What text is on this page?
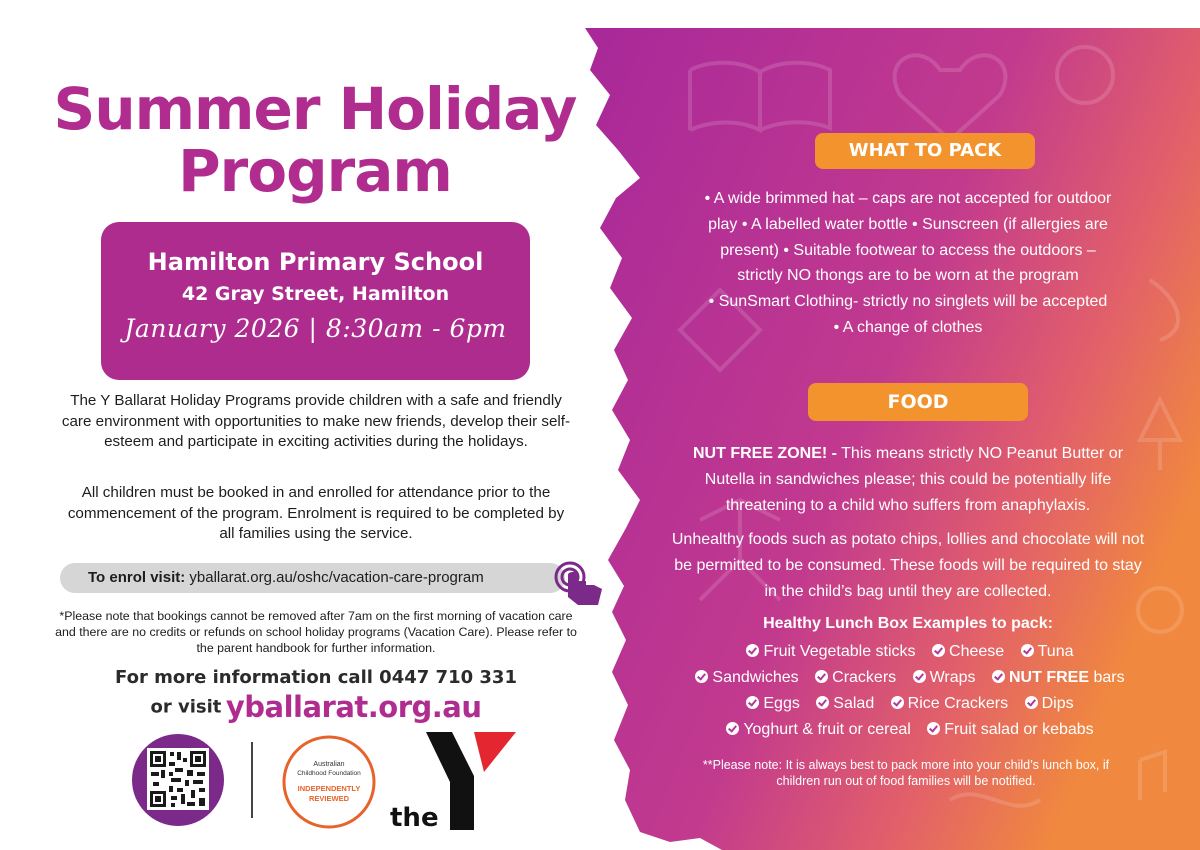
Summer Holiday
Program
Hamilton Primary School
42 Gray Street, Hamilton
January 2026 | 8:30am - 6pm
The Y Ballarat Holiday Programs provide children with a safe and friendly care environment with opportunities to make new friends, develop their self-esteem and participate in exciting activities during the holidays.
All children must be booked in and enrolled for attendance prior to the commencement of the program. Enrolment is required to be completed by all families using the service.
To enrol visit: yballarat.org.au/oshc/vacation-care-program
*Please note that bookings cannot be removed after 7am on the first morning of vacation care and there are no credits or refunds on school holiday programs (Vacation Care). Please refer to the parent handbook for further information.
For more information call 0447 710 331
or visit yballarat.org.au
Australian
Childhood Foundation
INDEPENDENTLY
REVIEWED
the
WHAT TO PACK
• A wide brimmed hat – caps are not accepted for outdoor
play • A labelled water bottle • Sunscreen (if allergies are
present) • Suitable footwear to access the outdoors –
strictly NO thongs are to be worn at the program
• SunSmart Clothing- strictly no singlets will be accepted
• A change of clothes
FOOD
NUT FREE ZONE! - This means strictly NO Peanut Butter or Nutella in sandwiches please; this could be potentially life threatening to a child who suffers from anaphylaxis.
Unhealthy foods such as potato chips, lollies and chocolate will not be permitted to be consumed. These foods will be required to stay in the child’s bag until they are collected.
Healthy Lunch Box Examples to pack:
Fruit Vegetable sticks Cheese Tuna
Sandwiches Crackers Wraps NUT FREE bars
Eggs Salad Rice Crackers Dips
Yoghurt & fruit or cereal Fruit salad or kebabs
**Please note: It is always best to pack more into your child’s lunch box, if children run out of food families will be notified.
